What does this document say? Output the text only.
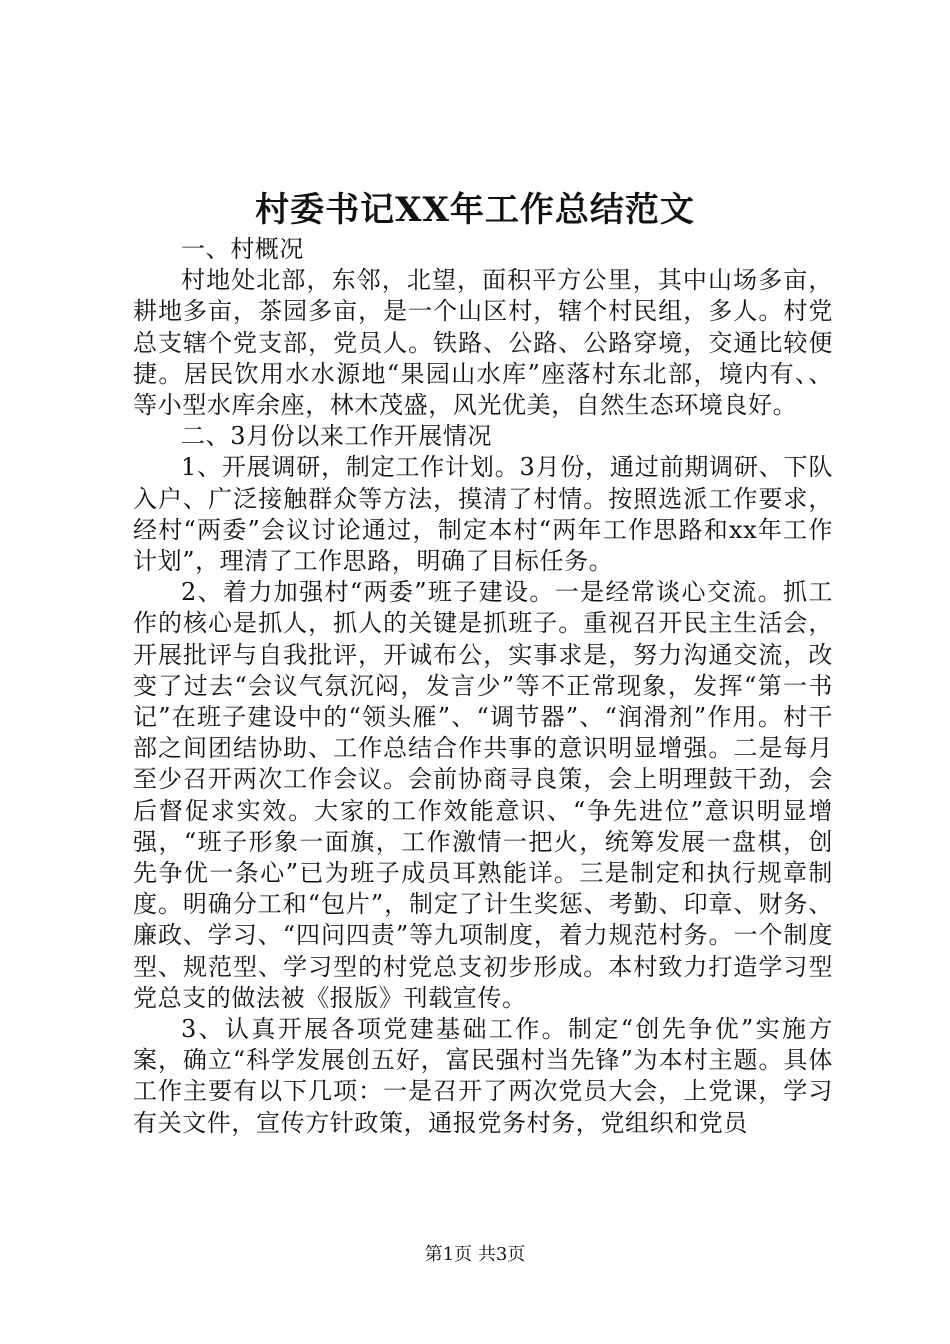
村委书记XX年工作总结范文

一、村概况

村地处北部，东邻，北望，面积平方公里，其中山场多亩，耕地多亩，茶园多亩，是一个山区村，辖个村民组，多人。村党总支辖个党支部，党员人。铁路、公路、公路穿境，交通比较便捷。居民饮用水水源地“果园山水库”座落村东北部，境内有、、等小型水库余座，林木茂盛，风光优美，自然生态环境良好。

二、3月份以来工作开展情况

1、开展调研，制定工作计划。3月份，通过前期调研、下队入户、广泛接触群众等方法，摸清了村情。按照选派工作要求，经村“两委”会议讨论通过，制定本村“两年工作思路和xx年工作计划”，理清了工作思路，明确了目标任务。

2、着力加强村“两委”班子建设。一是经常谈心交流。抓工作的核心是抓人，抓人的关键是抓班子。重视召开民主生活会，开展批评与自我批评，开诚布公，实事求是，努力沟通交流，改变了过去“会议气氛沉闷，发言少”等不正常现象，发挥“第一书记”在班子建设中的“领头雁”、“调节器”、“润滑剂”作用。村干部之间团结协助、工作总结合作共事的意识明显增强。二是每月至少召开两次工作会议。会前协商寻良策，会上明理鼓干劲，会后督促求实效。大家的工作效能意识、“争先进位”意识明显增强，“班子形象一面旗，工作激情一把火，统筹发展一盘棋，创先争优一条心”已为班子成员耳熟能详。三是制定和执行规章制度。明确分工和“包片”，制定了计生奖惩、考勤、印章、财务、廉政、学习、“四问四责”等九项制度，着力规范村务。一个制度型、规范型、学习型的村党总支初步形成。本村致力打造学习型党总支的做法被《报版》刊载宣传。

3、认真开展各项党建基础工作。制定“创先争优”实施方案，确立“科学发展创五好，富民强村当先锋”为本村主题。具体工作主要有以下几项：一是召开了两次党员大会，上党课，学习有关文件，宣传方针政策，通报党务村务，党组织和党员

第1页 共3页
